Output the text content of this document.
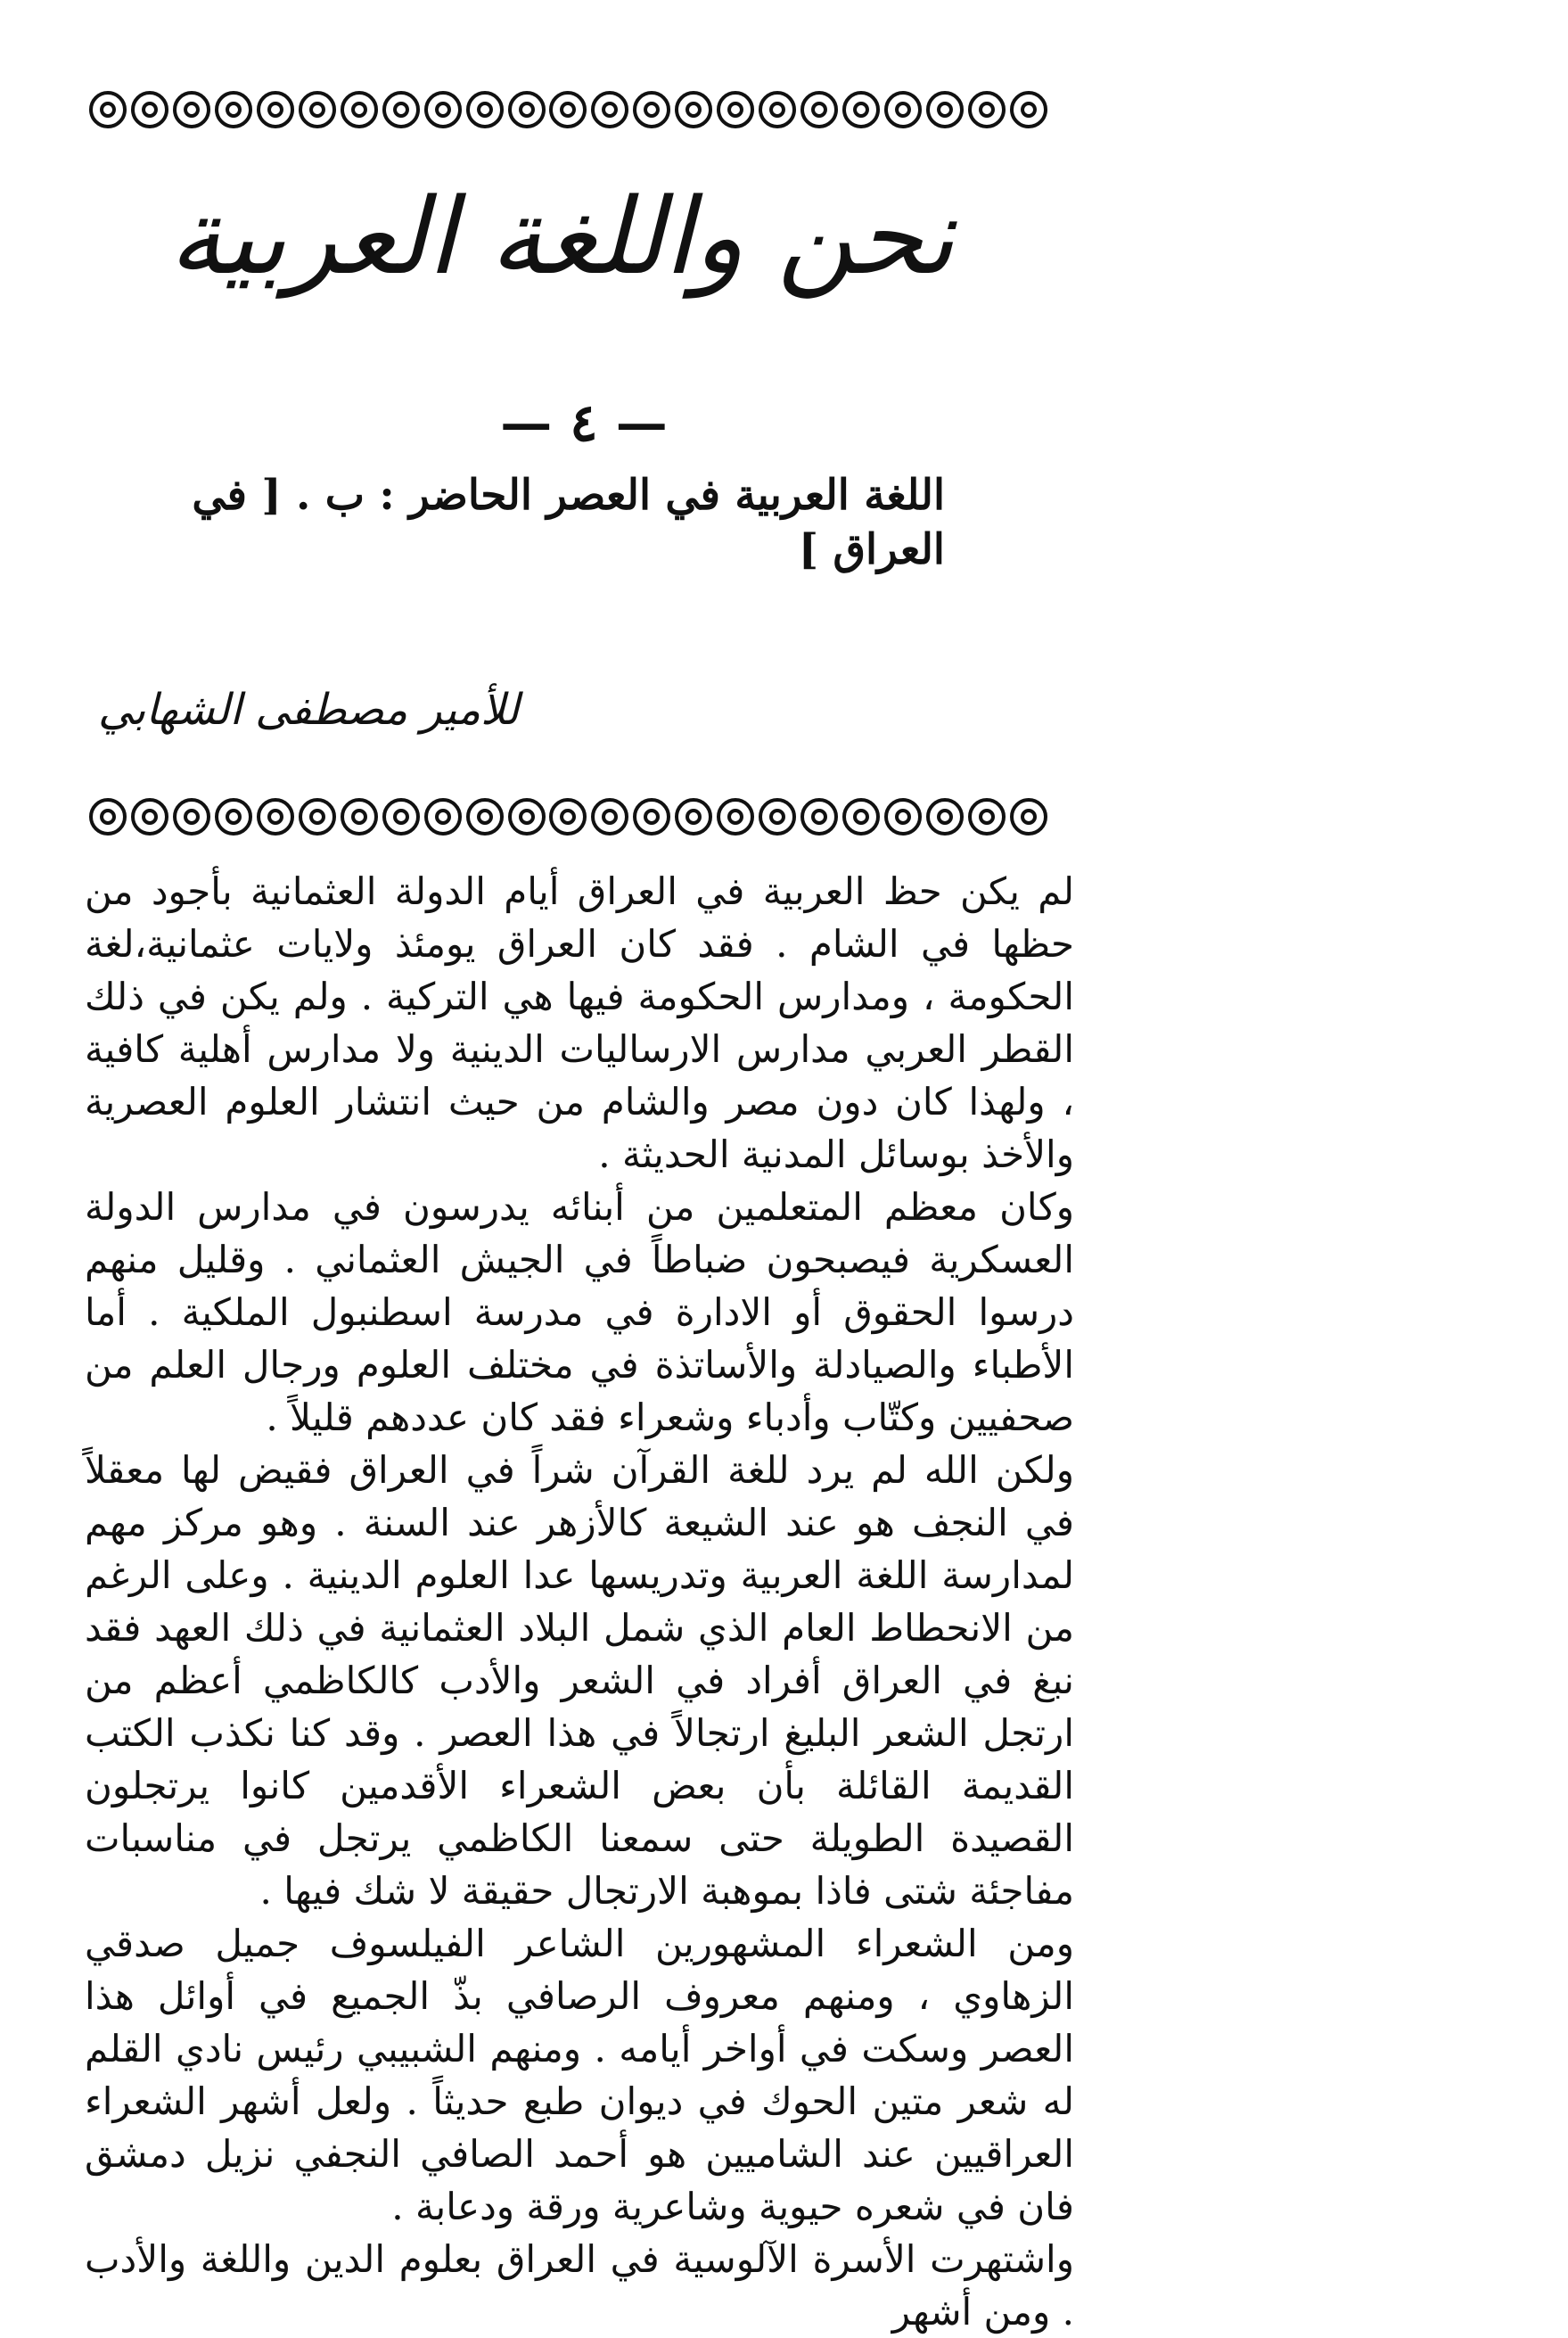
نحن واللغة العربية
— ٤ —
اللغة العربية في العصر الحاضر : ب . [ في العراق ]
للأمير مصطفى الشهابي

لم يكن حظ العربية في العراق أيام الدولة العثمانية بأجود من حظها في الشام . فقد كان العراق يومئذ ولايات عثمانية،لغة الحكومة ، ومدارس الحكومة فيها هي التركية . ولم يكن في ذلك القطر العربي مدارس الارساليات الدينية ولا مدارس أهلية كافية ، ولهذا كان دون مصر والشام من حيث انتشار العلوم العصرية والأخذ بوسائل المدنية الحديثة .

وكان معظم المتعلمين من أبنائه يدرسون في مدارس الدولة العسكرية فيصبحون ضباطاً في الجيش العثماني . وقليل منهم درسوا الحقوق أو الادارة في مدرسة اسطنبول الملكية . أما الأطباء والصيادلة والأساتذة في مختلف العلوم ورجال العلم من صحفيين وكتّاب وأدباء وشعراء فقد كان عددهم قليلاً .

ولكن الله لم يرد للغة القرآن شراً في العراق فقيض لها معقلاً في النجف هو عند الشيعة كالأزهر عند السنة . وهو مركز مهم لمدارسة اللغة العربية وتدريسها عدا العلوم الدينية . وعلى الرغم من الانحطاط العام الذي شمل البلاد العثمانية في ذلك العهد فقد نبغ في العراق أفراد في الشعر والأدب كالكاظمي أعظم من ارتجل الشعر البليغ ارتجالاً في هذا العصر . وقد كنا نكذب الكتب القديمة القائلة بأن بعض الشعراء الأقدمين كانوا يرتجلون القصيدة الطويلة حتى سمعنا الكاظمي يرتجل في مناسبات مفاجئة شتى فاذا بموهبة الارتجال حقيقة لا شك فيها .

ومن الشعراء المشهورين الشاعر الفيلسوف جميل صدقي الزهاوي ، ومنهم معروف الرصافي بذّ الجميع في أوائل هذا العصر وسكت في أواخر أيامه . ومنهم الشبيبي رئيس نادي القلم له شعر متين الحوك في ديوان طبع حديثاً . ولعل أشهر الشعراء العراقيين عند الشاميين هو أحمد الصافي النجفي نزيل دمشق فان في شعره حيوية وشاعرية ورقة ودعابة .

واشتهرت الأسرة الآلوسية في العراق بعلوم الدين واللغة والأدب . ومن أشهر
